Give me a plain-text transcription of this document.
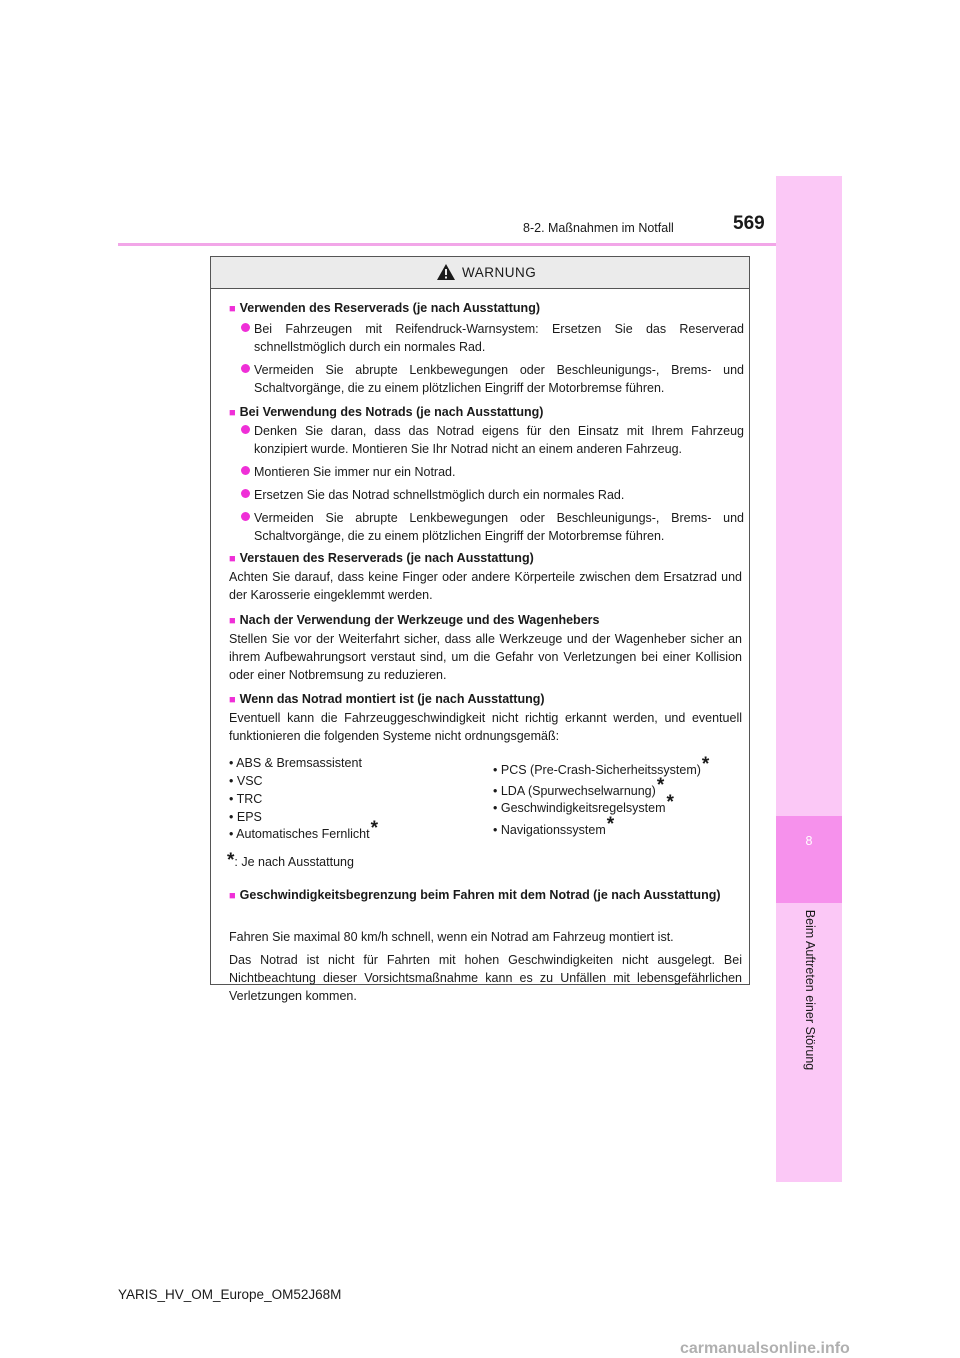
8
Beim Auftreten einer Störung
8-2. Maßnahmen im Notfall	569
WARNUNG
■ Verwenden des Reserverads (je nach Ausstattung)
Bei Fahrzeugen mit Reifendruck-Warnsystem: Ersetzen Sie das Reserverad schnellstmöglich durch ein normales Rad.
Vermeiden Sie abrupte Lenkbewegungen oder Beschleunigungs-, Brems- und Schaltvorgänge, die zu einem plötzlichen Eingriff der Motorbremse führen.
■ Bei Verwendung des Notrads (je nach Ausstattung)
Denken Sie daran, dass das Notrad eigens für den Einsatz mit Ihrem Fahrzeug konzipiert wurde. Montieren Sie Ihr Notrad nicht an einem anderen Fahrzeug.
Montieren Sie immer nur ein Notrad.
Ersetzen Sie das Notrad schnellstmöglich durch ein normales Rad.
Vermeiden Sie abrupte Lenkbewegungen oder Beschleunigungs-, Brems- und Schaltvorgänge, die zu einem plötzlichen Eingriff der Motorbremse führen.
■ Verstauen des Reserverads (je nach Ausstattung)
Achten Sie darauf, dass keine Finger oder andere Körperteile zwischen dem Ersatzrad und der Karosserie eingeklemmt werden.
■ Nach der Verwendung der Werkzeuge und des Wagenhebers
Stellen Sie vor der Weiterfahrt sicher, dass alle Werkzeuge und der Wagenheber sicher an ihrem Aufbewahrungsort verstaut sind, um die Gefahr von Verletzungen bei einer Kollision oder einer Notbremsung zu reduzieren.
■ Wenn das Notrad montiert ist (je nach Ausstattung)
Eventuell kann die Fahrzeuggeschwindigkeit nicht richtig erkannt werden, und eventuell funktionieren die folgenden Systeme nicht ordnungsgemäß:
• ABS & Bremsassistent
• VSC
• TRC
• EPS
• Automatisches Fernlicht*
• PCS (Pre-Crash-Sicherheitssystem)*
• LDA (Spurwechselwarnung)*
• Geschwindigkeitsregelsystem*
• Navigationssystem*
*: Je nach Ausstattung
■ Geschwindigkeitsbegrenzung beim Fahren mit dem Notrad (je nach Ausstattung)
Fahren Sie maximal 80 km/h schnell, wenn ein Notrad am Fahrzeug montiert ist.
Das Notrad ist nicht für Fahrten mit hohen Geschwindigkeiten nicht ausgelegt. Bei Nichtbeachtung dieser Vorsichtsmaßnahme kann es zu Unfällen mit lebensgefährlichen Verletzungen kommen.
YARIS_HV_OM_Europe_OM52J68M
carmanualsonline.info
